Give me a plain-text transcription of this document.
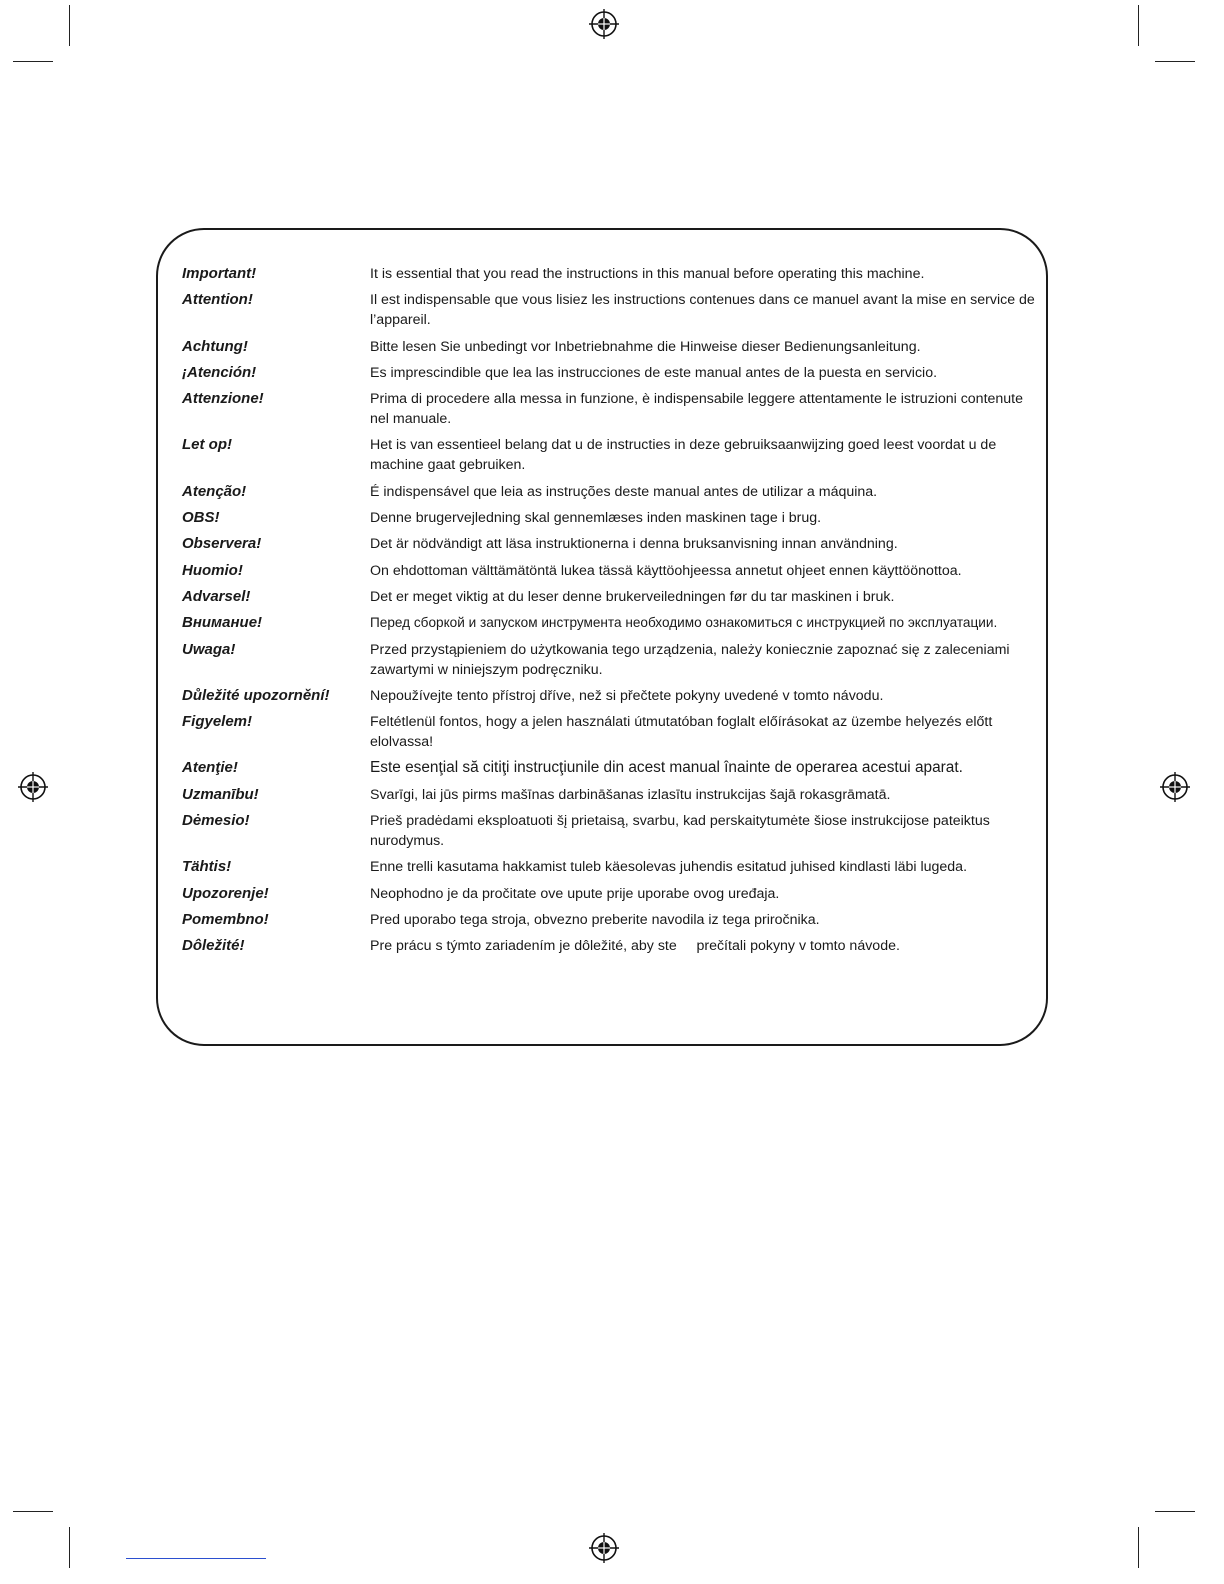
Important!	It is essential that you read the instructions in this manual before operating this machine.
Attention!	Il est indispensable que vous lisiez les instructions contenues dans ce manuel avant la mise en service de l’appareil.
Achtung!	Bitte lesen Sie unbedingt vor Inbetriebnahme die Hinweise dieser Bedienungsanleitung.
¡Atención!	Es imprescindible que lea las instrucciones de este manual antes de la puesta en servicio.
Attenzione!	Prima di procedere alla messa in funzione, è indispensabile leggere attentamente le istruzioni contenute nel manuale.
Let op!	Het is van essentieel belang dat u de instructies in deze gebruiksaanwijzing goed leest voordat u de machine gaat gebruiken.
Atenção!	É indispensável que leia as instruções deste manual antes de utilizar a máquina.
OBS!	Denne brugervejledning skal gennemlæses inden maskinen tage i brug.
Observera!	Det är nödvändigt att läsa instruktionerna i denna bruksanvisning innan användning.
Huomio!	On ehdottoman välttämätöntä lukea tässä käyttöohjeessa annetut ohjeet ennen käyttöönottoa.
Advarsel!	Det er meget viktig at du leser denne brukerveiledningen før du tar maskinen i bruk.
Внимание!	Перед сборкой и запуском инструмента необходимо ознакомиться с инструкцией по эксплуатации.
Uwaga!	Przed przystąpieniem do użytkowania tego urządzenia, należy koniecznie zapoznać się z zaleceniami zawartymi w niniejszym podręczniku.
Důležité upozornění!	Nepoužívejte tento přístroj dříve, než si přečtete pokyny uvedené v tomto návodu.
Figyelem!	Feltétlenül fontos, hogy a jelen használati útmutatóban foglalt előírásokat az üzembe helyezés előtt elolvassa!
Atenţie!	Este esenţial să citiţi instrucţiunile din acest manual înainte de operarea acestui aparat.
Uzmanību!	Svarīgi, lai jūs pirms mašīnas darbināšanas izlasītu instrukcijas šajā rokasgrāmatā.
Dėmesio!	Prieš pradėdami eksploatuoti šį prietaisą, svarbu, kad perskaitytumėte šiose instrukcijose pateiktus nurodymus.
Tähtis!	Enne trelli kasutama hakkamist tuleb käesolevas juhendis esitatud juhised kindlasti läbi lugeda.
Upozorenje!	Neophodno je da pročitate ove upute prije uporabe ovog uređaja.
Pomembno!	Pred uporabo tega stroja, obvezno preberite navodila iz tega priročnika.
Dôležité!	Pre prácu s týmto zariadením je dôležité, aby ste     prečítali pokyny v tomto návode.
